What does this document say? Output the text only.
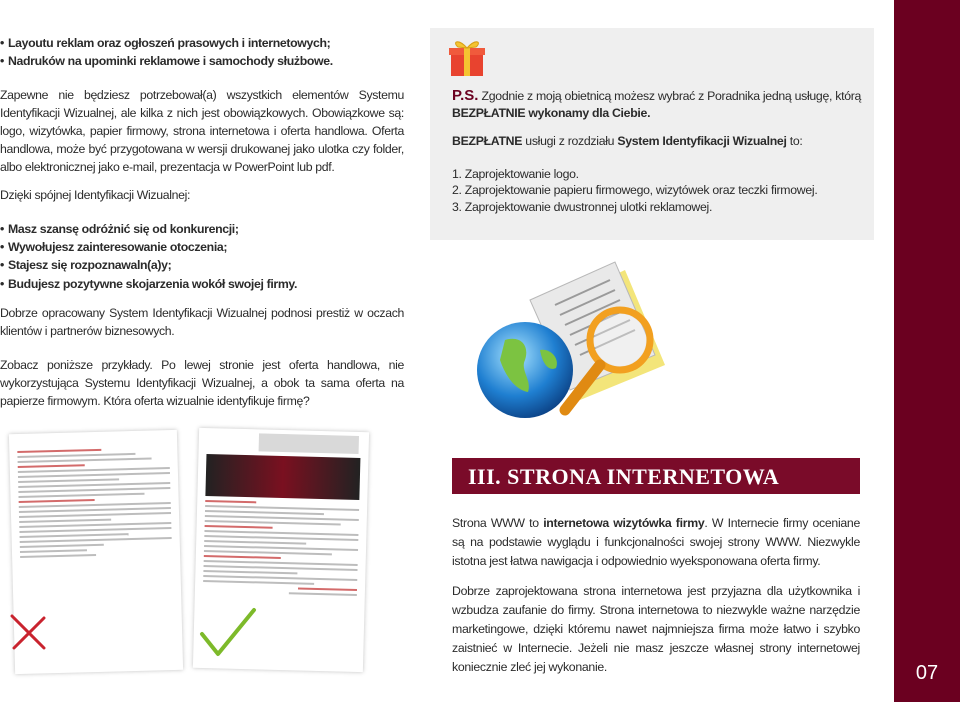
• Layoutu reklam oraz ogłoszeń prasowych i internetowych;
• Nadruków na upominki reklamowe i samochody służbowe.

Zapewne nie będziesz potrzebował(a) wszystkich elementów Systemu Identyfikacji Wizualnej, ale kilka z nich jest obowiązkowych. Obowiązkowe są: logo, wizytówka, papier firmowy, strona internetowa i oferta handlowa. Oferta handlowa, może być przygotowana w wersji drukowanej jako ulotka czy folder, albo elektronicznej jako e-mail, prezentacja w PowerPoint lub pdf.

Dzięki spójnej Identyfikacji Wizualnej:

• Masz szansę odróżnić się od konkurencji;
• Wywołujesz zainteresowanie otoczenia;
• Stajesz się rozpoznawaln(a)y;
• Budujesz pozytywne skojarzenia wokół swojej firmy.

Dobrze opracowany System Identyfikacji Wizualnej podnosi prestiż w oczach klientów i partnerów biznesowych.

Zobacz poniższe przykłady. Po lewej stronie jest oferta handlowa, nie wykorzystująca Systemu Identyfikacji Wizualnej, a obok ta sama oferta na papierze firmowym. Która oferta wizualnie identyfikuje firmę?

P.S. Zgodnie z moją obietnicą możesz wybrać z Poradnika jedną usługę, którą BEZPŁATNIE wykonamy dla Ciebie.

BEZPŁATNE usługi z rozdziału System Identyfikacji Wizualnej to:

1. Zaprojektowanie logo.

2. Zaprojektowanie papieru firmowego, wizytówek oraz teczki firmowej.

3. Zaprojektowanie dwustronnej ulotki reklamowej.

III. STRONA INTERNETOWA

Strona WWW to internetowa wizytówka firmy. W Internecie firmy oceniane są na podstawie wyglądu i funkcjonalności swojej strony WWW. Niezwykle istotna jest łatwa nawigacja i odpowiednio wyeksponowana oferta firmy.

Dobrze zaprojektowana strona internetowa jest przyjazna dla użytkownika i wzbudza zaufanie do firmy. Strona internetowa to niezwykle ważne narzędzie marketingowe, dzięki któremu nawet najmniejsza firma może łatwo i szybko zaistnieć w Internecie. Jeżeli nie masz jeszcze własnej strony internetowej koniecznie zleć jej wykonanie.	07
